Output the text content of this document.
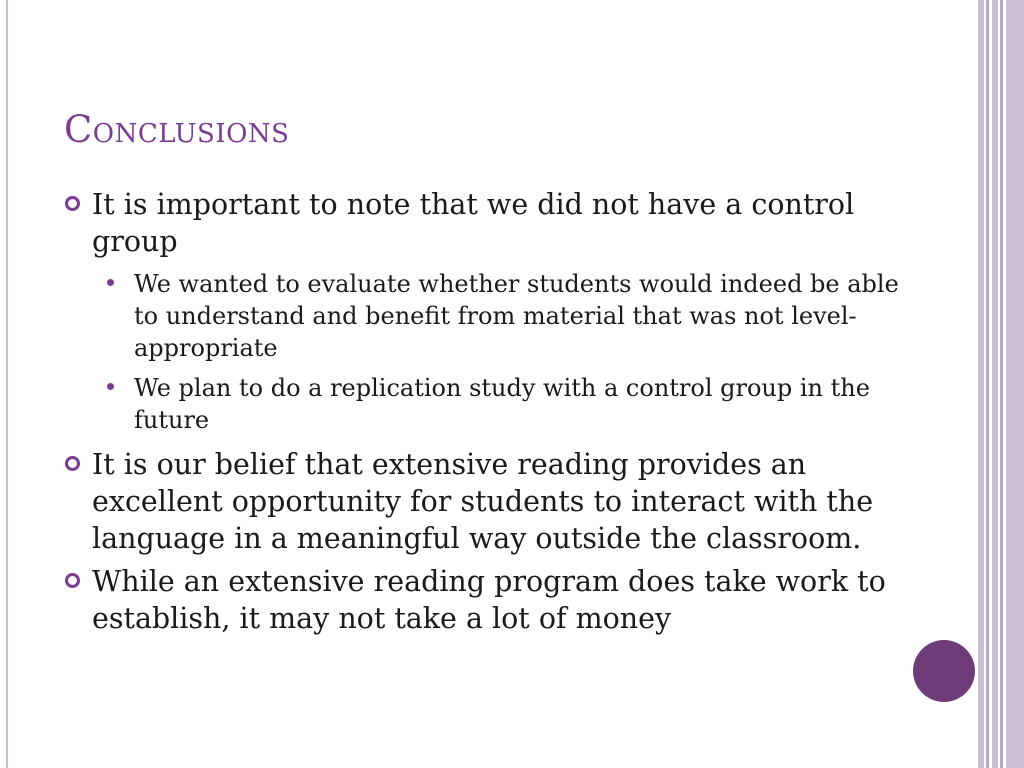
Conclusions
It is important to note that we did not have a control group
We wanted to evaluate whether students would indeed be able to understand and benefit from material that was not level-appropriate
We plan to do a replication study with a control group in the future
It is our belief that extensive reading provides an excellent opportunity for students to interact with the language in a meaningful way outside the classroom.
While an extensive reading program does take work to establish, it may not take a lot of money
